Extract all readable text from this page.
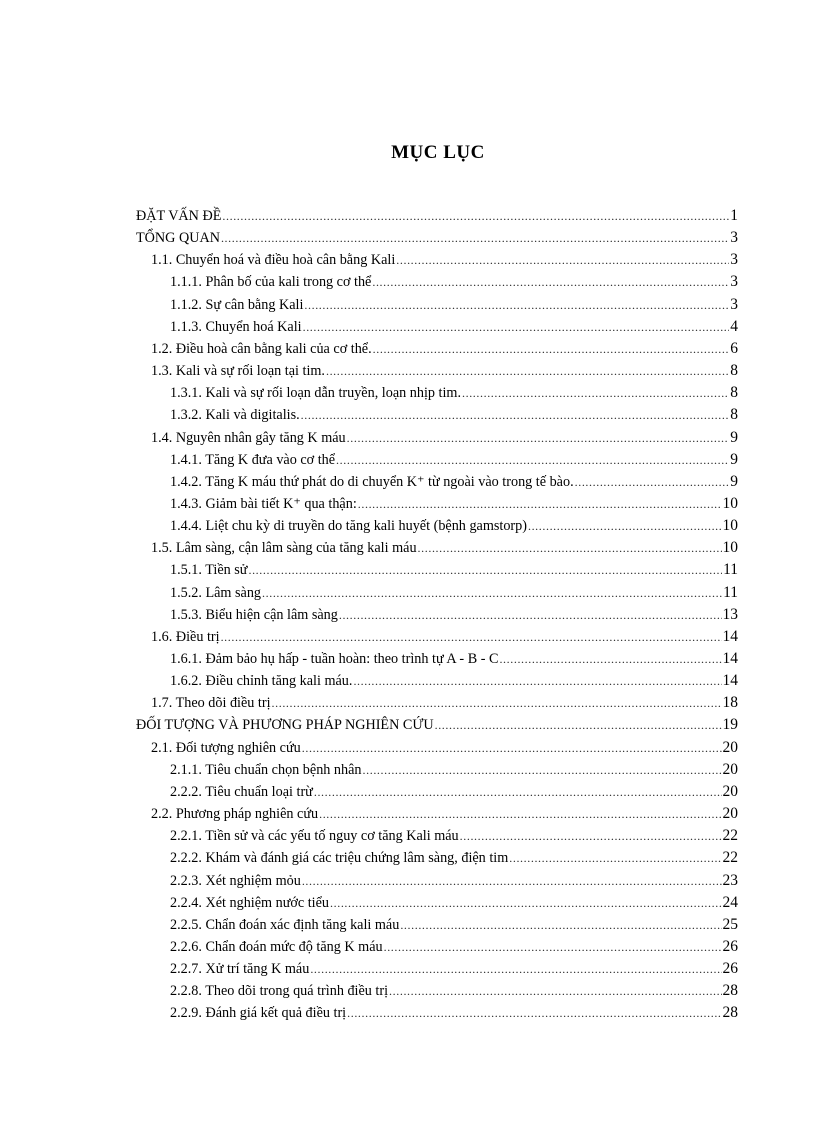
MỤC LỤC
ĐẶT VẤN ĐỀ .....	1
TỔNG QUAN .....	3
1.1. Chuyển hoá và điều hoà cân bằng Kali .....	3
1.1.1. Phân bố của kali trong cơ thể .....	3
1.1.2. Sự cân bằng Kali .....	3
1.1.3. Chuyển hoá Kali .....	4
1.2. Điều hoà cân bằng kali của cơ thể. .....	6
1.3. Kali và sự rối loạn tại tim. .....	8
1.3.1. Kali và sự rối loạn dẫn truyền, loạn nhịp tim. .....	8
1.3.2. Kali và digitalis. .....	8
1.4. Nguyên nhân gây tăng K máu .....	9
1.4.1. Tăng K đưa vào cơ thể .....	9
1.4.2. Tăng K máu thứ phát do di chuyển K⁺ từ ngoài vào trong tế bào. .....	9
1.4.3. Giảm bài tiết K⁺ qua thận: .....	10
1.4.4. Liệt chu kỳ di truyền do tăng kali huyết (bệnh gamstorp) .....	10
1.5. Lâm sàng, cận lâm sàng của tăng kali máu .....	10
1.5.1. Tiền sử .....	11
1.5.2. Lâm sàng .....	11
1.5.3. Biểu hiện cận lâm sàng .....	13
1.6. Điều trị .....	14
1.6.1. Đảm bảo hụ hấp - tuần hoàn: theo trình tự A - B - C .....	14
1.6.2. Điều chỉnh tăng kali máu. .....	14
1.7. Theo dõi điều trị .....	18
ĐỐI TƯỢNG VÀ PHƯƠNG PHÁP NGHIÊN CỨU .....	19
2.1. Đối tượng nghiên cứu .....	20
2.1.1. Tiêu chuẩn chọn bệnh nhân .....	20
2.2.2. Tiêu chuẩn loại trừ .....	20
2.2. Phương pháp nghiên cứu .....	20
2.2.1. Tiền sử và các yếu tố nguy cơ tăng Kali máu .....	22
2.2.2. Khám và đánh giá các triệu chứng lâm sàng, điện tim .....	22
2.2.3. Xét nghiệm mỏu .....	23
2.2.4. Xét nghiệm nước tiểu .....	24
2.2.5. Chẩn đoán xác định tăng kali máu .....	25
2.2.6. Chẩn đoán mức độ tăng K máu .....	26
2.2.7. Xử trí tăng K máu .....	26
2.2.8. Theo dõi trong quá trình điều trị .....	28
2.2.9. Đánh giá kết quả điều trị .....	28
